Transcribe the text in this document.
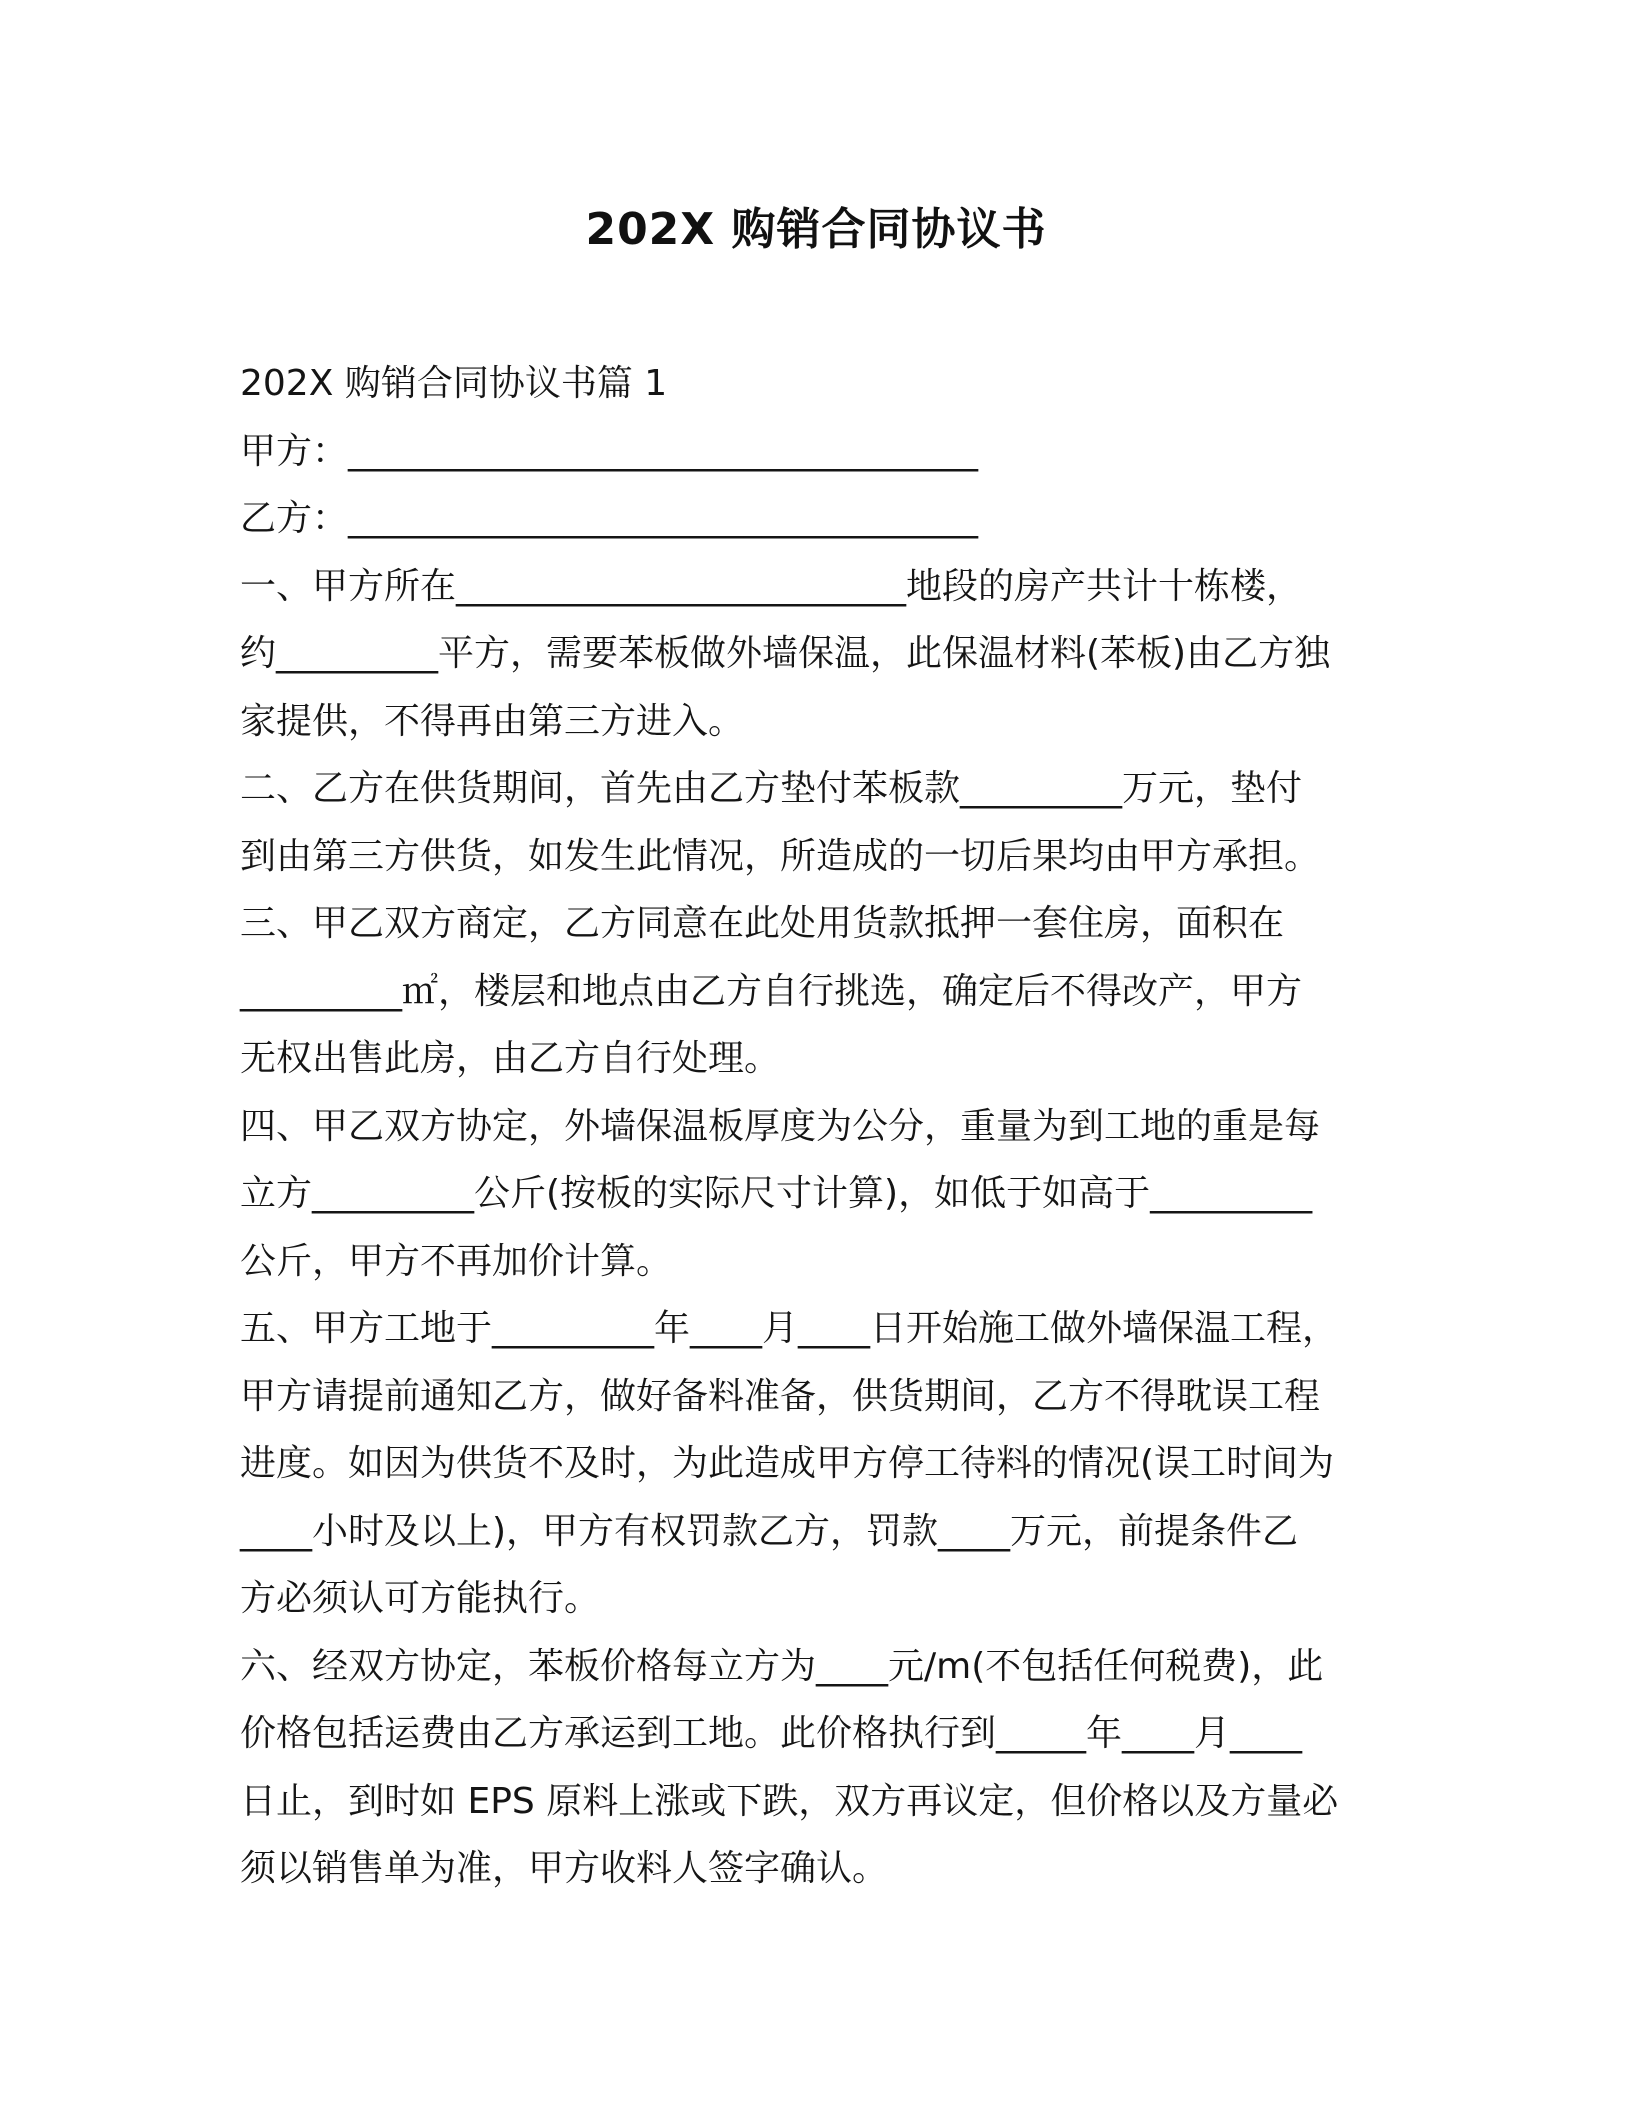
202X 购销合同协议书
202X 购销合同协议书篇 1
甲方：___________________________________
乙方：___________________________________
一、甲方所在_________________________地段的房产共计十栋楼，
约_________平方，需要苯板做外墙保温，此保温材料(苯板)由乙方独
家提供，不得再由第三方进入。
二、乙方在供货期间，首先由乙方垫付苯板款_________万元，垫付
到由第三方供货，如发生此情况，所造成的一切后果均由甲方承担。
三、甲乙双方商定，乙方同意在此处用货款抵押一套住房，面积在
_________㎡，楼层和地点由乙方自行挑选，确定后不得改产，甲方
无权出售此房，由乙方自行处理。
四、甲乙双方协定，外墙保温板厚度为公分，重量为到工地的重是每
立方_________公斤(按板的实际尺寸计算)，如低于如高于_________
公斤，甲方不再加价计算。
五、甲方工地于_________年____月____日开始施工做外墙保温工程，
甲方请提前通知乙方，做好备料准备，供货期间，乙方不得耽误工程
进度。如因为供货不及时，为此造成甲方停工待料的情况(误工时间为
____小时及以上)，甲方有权罚款乙方，罚款____万元，前提条件乙
方必须认可方能执行。
六、经双方协定，苯板价格每立方为____元/m(不包括任何税费)，此
价格包括运费由乙方承运到工地。此价格执行到_____年____月____
日止，到时如 EPS 原料上涨或下跌，双方再议定，但价格以及方量必
须以销售单为准，甲方收料人签字确认。
